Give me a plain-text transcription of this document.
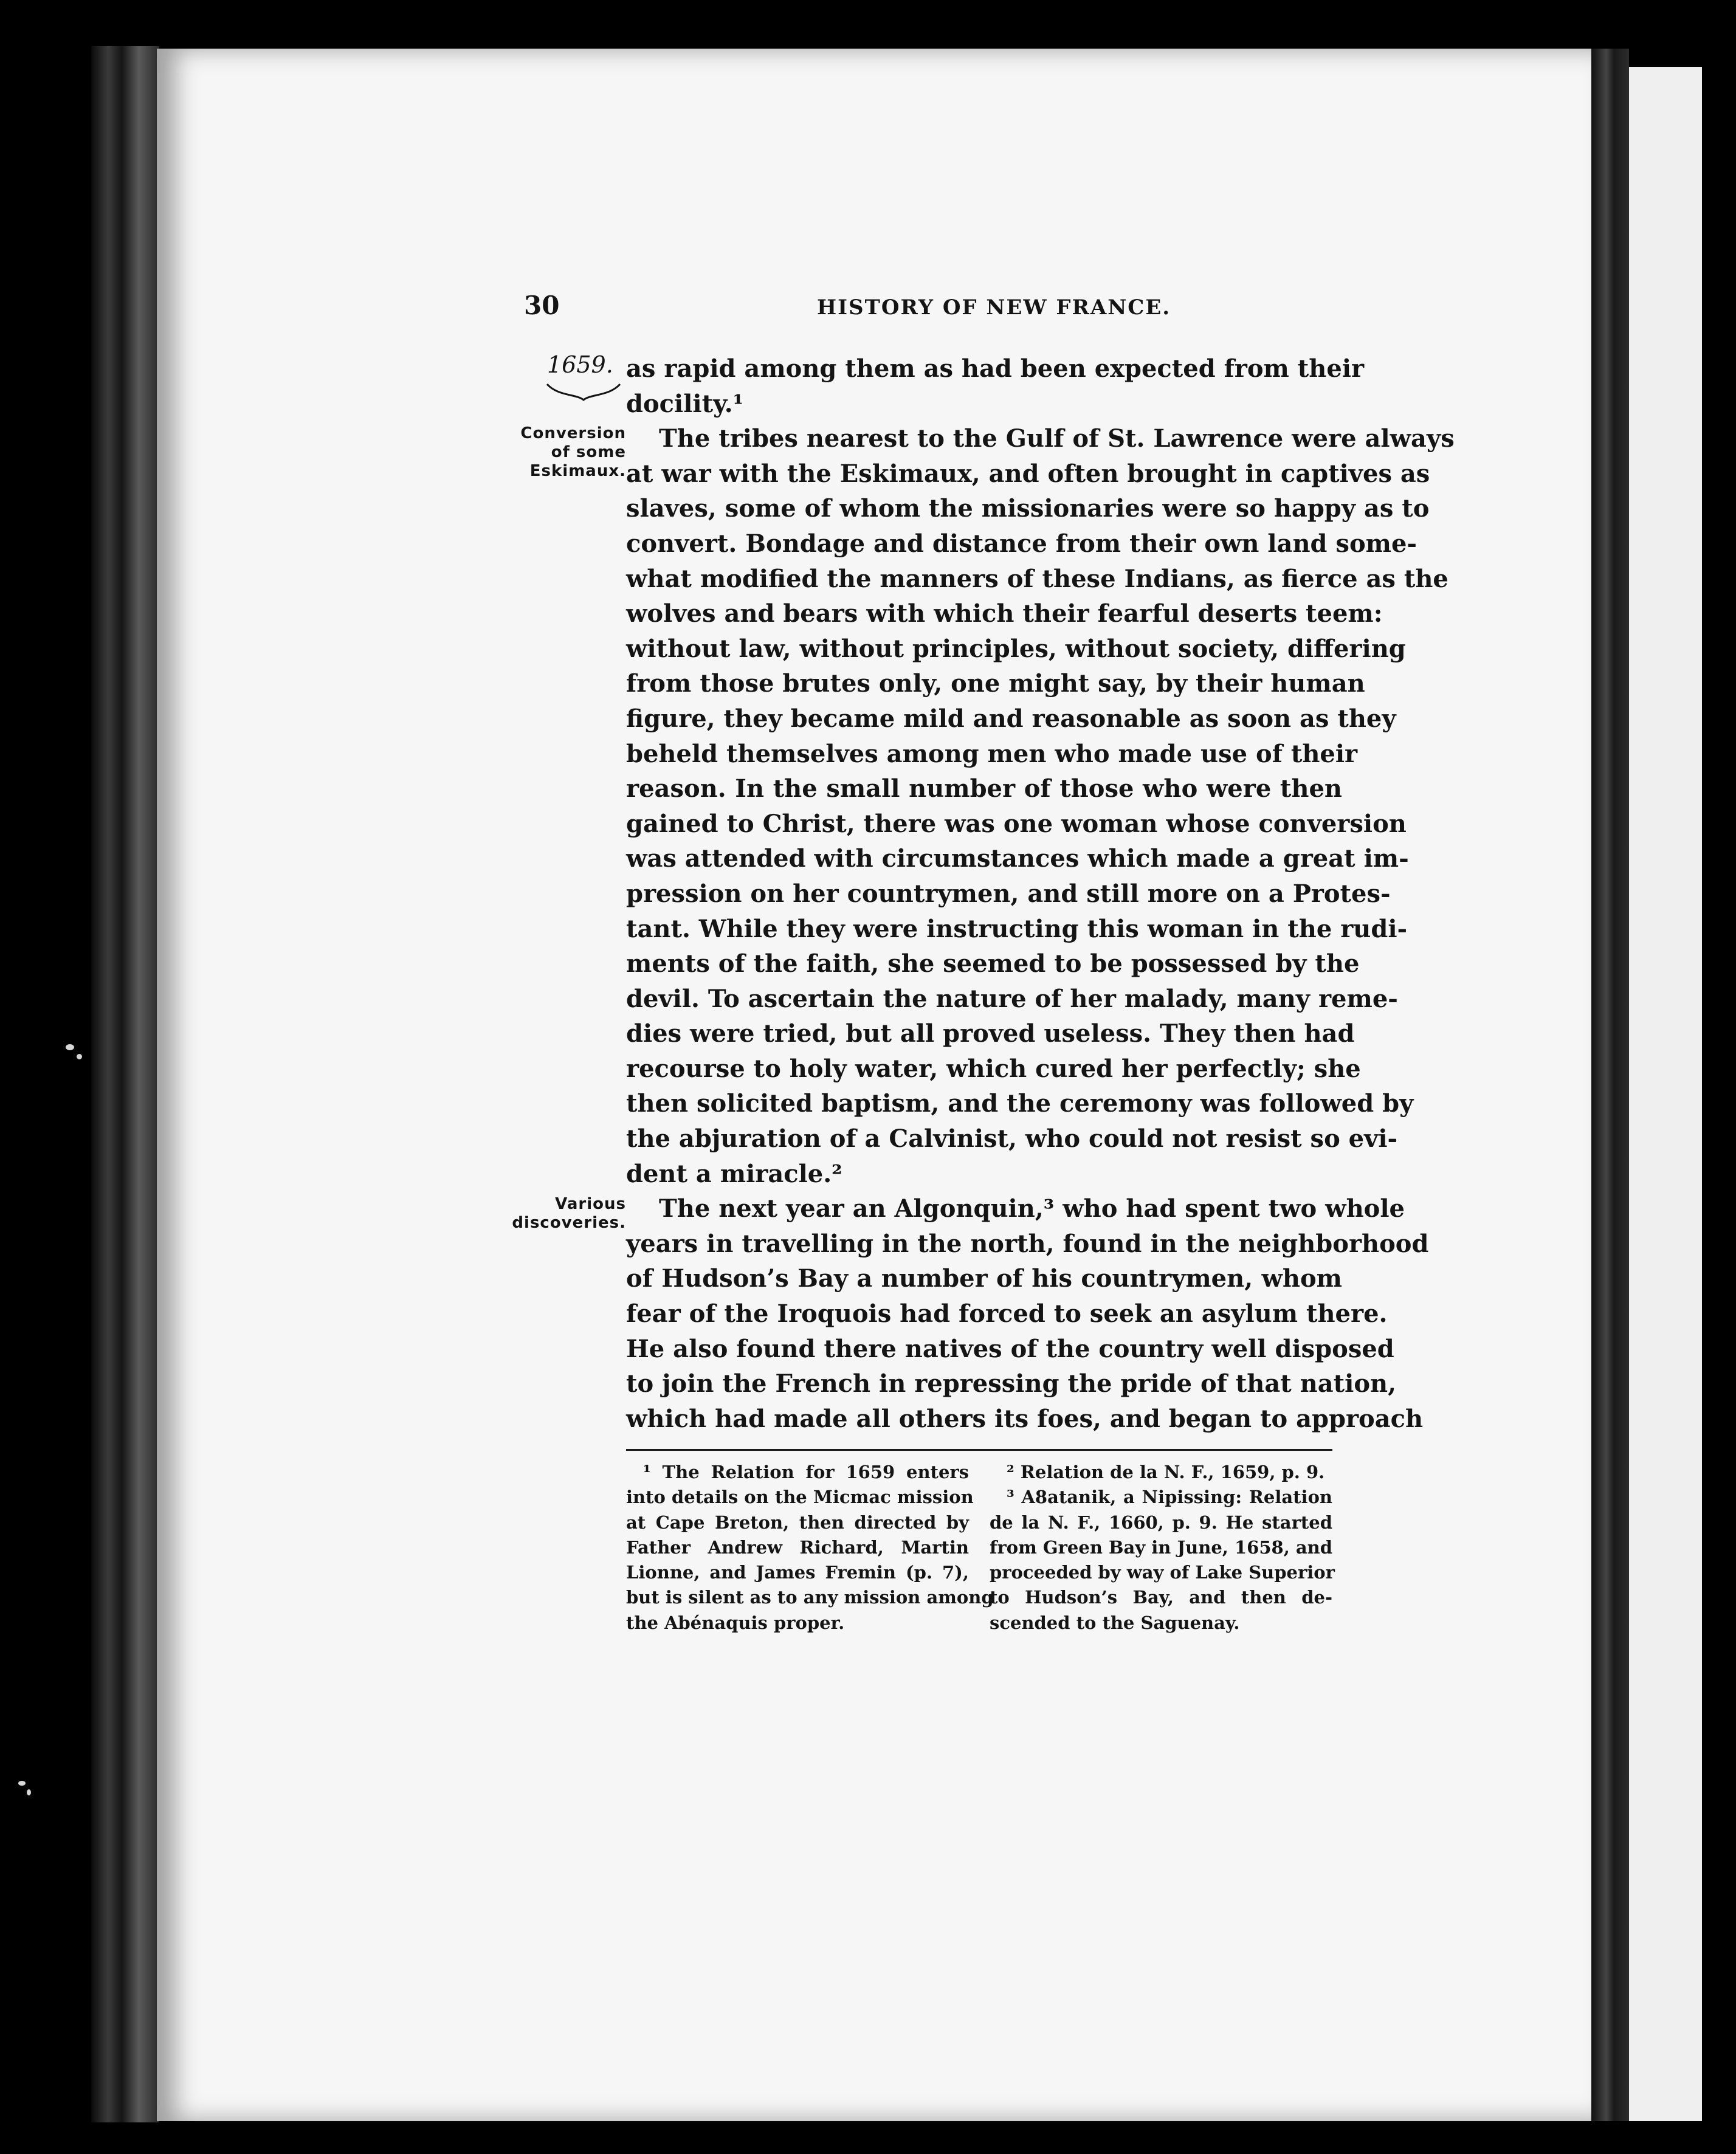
30	HISTORY OF NEW FRANCE.
1659.
Conversion
of some
Eskimaux.
Various
discoveries.
as rapid among them as had been expected from their
docility.¹
The tribes nearest to the Gulf of St. Lawrence were always
at war with the Eskimaux, and often brought in captives as
slaves, some of whom the missionaries were so happy as to
convert. Bondage and distance from their own land some-
what modified the manners of these Indians, as fierce as the
wolves and bears with which their fearful deserts teem:
without law, without principles, without society, differing
from those brutes only, one might say, by their human
figure, they became mild and reasonable as soon as they
beheld themselves among men who made use of their
reason. In the small number of those who were then
gained to Christ, there was one woman whose conversion
was attended with circumstances which made a great im-
pression on her countrymen, and still more on a Protes-
tant. While they were instructing this woman in the rudi-
ments of the faith, she seemed to be possessed by the
devil. To ascertain the nature of her malady, many reme-
dies were tried, but all proved useless. They then had
recourse to holy water, which cured her perfectly; she
then solicited baptism, and the ceremony was followed by
the abjuration of a Calvinist, who could not resist so evi-
dent a miracle.²
The next year an Algonquin,³ who had spent two whole
years in travelling in the north, found in the neighborhood
of Hudson’s Bay a number of his countrymen, whom
fear of the Iroquois had forced to seek an asylum there.
He also found there natives of the country well disposed
to join the French in repressing the pride of that nation,
which had made all others its foes, and began to approach
¹ The Relation for 1659 enters
into details on the Micmac mission
at Cape Breton, then directed by
Father Andrew Richard, Martin
Lionne, and James Fremin (p. 7),
but is silent as to any mission among
the Abénaquis proper.
² Relation de la N. F., 1659, p. 9.
³ A8atanik, a Nipissing: Relation
de la N. F., 1660, p. 9. He started
from Green Bay in June, 1658, and
proceeded by way of Lake Superior
to Hudson’s Bay, and then de-
scended to the Saguenay.
